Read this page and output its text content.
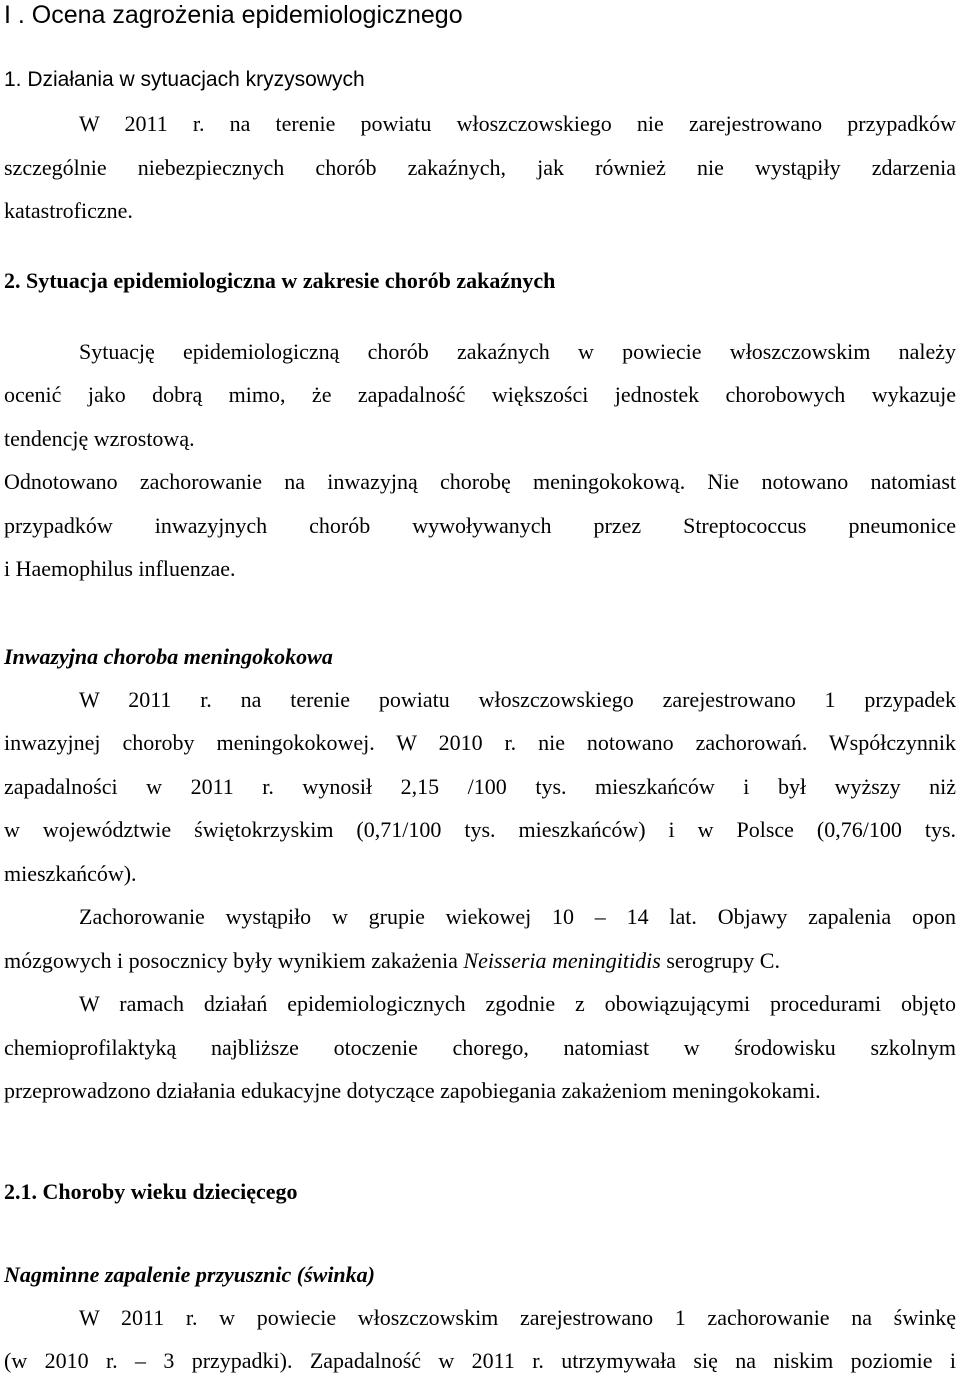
I . Ocena zagrożenia epidemiologicznego
1. Działania w sytuacjach kryzysowych
W 2011 r. na terenie powiatu włoszczowskiego nie zarejestrowano przypadków
szczególnie niebezpiecznych chorób zakaźnych, jak również nie wystąpiły zdarzenia
katastroficzne.
2. Sytuacja epidemiologiczna w zakresie chorób zakaźnych
Sytuację epidemiologiczną chorób zakaźnych w powiecie włoszczowskim należy
ocenić jako dobrą mimo, że zapadalność większości jednostek chorobowych wykazuje
tendencję wzrostową.
Odnotowano zachorowanie na inwazyjną chorobę meningokokową. Nie notowano natomiast
przypadków inwazyjnych chorób wywoływanych przez Streptococcus pneumonice
i Haemophilus influenzae.
Inwazyjna choroba meningokokowa
W 2011 r. na terenie powiatu włoszczowskiego zarejestrowano 1 przypadek
inwazyjnej choroby meningokokowej. W 2010 r. nie notowano zachorowań. Współczynnik
zapadalności w 2011 r. wynosił 2,15 /100 tys. mieszkańców i był wyższy niż
w województwie świętokrzyskim (0,71/100 tys. mieszkańców) i w Polsce (0,76/100 tys.
mieszkańców).
Zachorowanie wystąpiło w grupie wiekowej 10 – 14 lat. Objawy zapalenia opon
mózgowych i posocznicy były wynikiem zakażenia Neisseria meningitidis serogrupy C.
W ramach działań epidemiologicznych zgodnie z obowiązującymi procedurami objęto
chemioprofilaktyką najbliższe otoczenie chorego, natomiast w środowisku szkolnym
przeprowadzono działania edukacyjne dotyczące zapobiegania zakażeniom meningokokami.
2.1. Choroby wieku dziecięcego
Nagminne zapalenie przyusznic (świnka)
W 2011 r. w powiecie włoszczowskim zarejestrowano 1 zachorowanie na świnkę
(w 2010 r. – 3 przypadki). Zapadalność w 2011 r. utrzymywała się na niskim poziomie i
